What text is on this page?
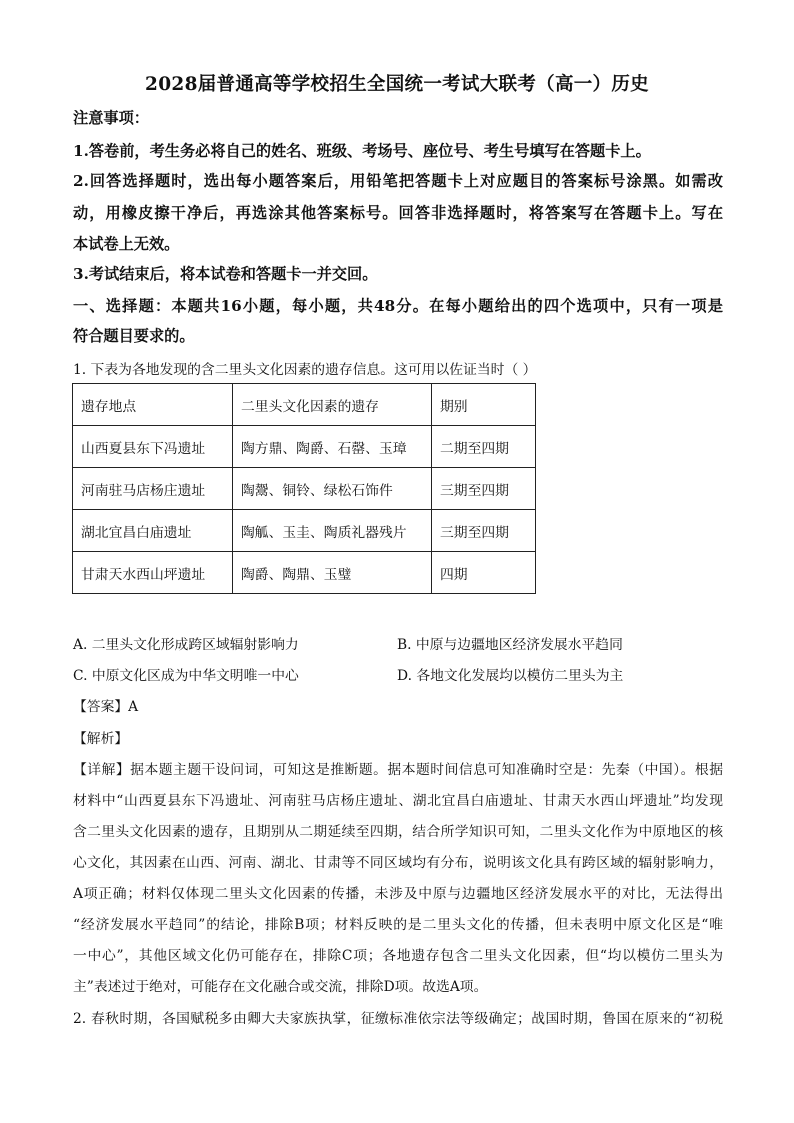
2028届普通高等学校招生全国统一考试大联考（高一）历史
注意事项：
1.答卷前，考生务必将自己的姓名、班级、考场号、座位号、考生号填写在答题卡上。
2.回答选择题时，选出每小题答案后，用铅笔把答题卡上对应题目的答案标号涂黑。如需改
动，用橡皮擦干净后，再选涂其他答案标号。回答非选择题时，将答案写在答题卡上。写在
本试卷上无效。
3.考试结束后，将本试卷和答题卡一并交回。
一、选择题：本题共16小题，每小题，共48分。在每小题给出的四个选项中，只有一项是
符合题目要求的。
1. 下表为各地发现的含二里头文化因素的遗存信息。这可用以佐证当时（ ）
遗存地点	二里头文化因素的遗存	期别
山西夏县东下冯遗址	陶方鼎、陶爵、石罄、玉璋	二期至四期
河南驻马店杨庄遗址	陶鬶、铜铃、绿松石饰件	三期至四期
湖北宜昌白庙遗址	陶觚、玉圭、陶质礼器残片	三期至四期
甘肃天水西山坪遗址	陶爵、陶鼎、玉璧	四期
A. 二里头文化形成跨区域辐射影响力	B. 中原与边疆地区经济发展水平趋同
C. 中原文化区成为中华文明唯一中心	D. 各地文化发展均以模仿二里头为主
【答案】A
【解析】
【详解】据本题主题干设问词，可知这是推断题。据本题时间信息可知准确时空是：先秦（中国）。根据
材料中“山西夏县东下冯遗址、河南驻马店杨庄遗址、湖北宜昌白庙遗址、甘肃天水西山坪遗址”均发现
含二里头文化因素的遗存，且期别从二期延续至四期，结合所学知识可知，二里头文化作为中原地区的核
心文化，其因素在山西、河南、湖北、甘肃等不同区域均有分布，说明该文化具有跨区域的辐射影响力，
A项正确；材料仅体现二里头文化因素的传播，未涉及中原与边疆地区经济发展水平的对比，无法得出
“经济发展水平趋同”的结论，排除B项；材料反映的是二里头文化的传播，但未表明中原文化区是“唯
一中心”，其他区域文化仍可能存在，排除C项；各地遗存包含二里头文化因素，但“均以模仿二里头为
主”表述过于绝对，可能存在文化融合或交流，排除D项。故选A项。
2. 春秋时期，各国赋税多由卿大夫家族执掌，征缴标准依宗法等级确定；战国时期，鲁国在原来的“初税
